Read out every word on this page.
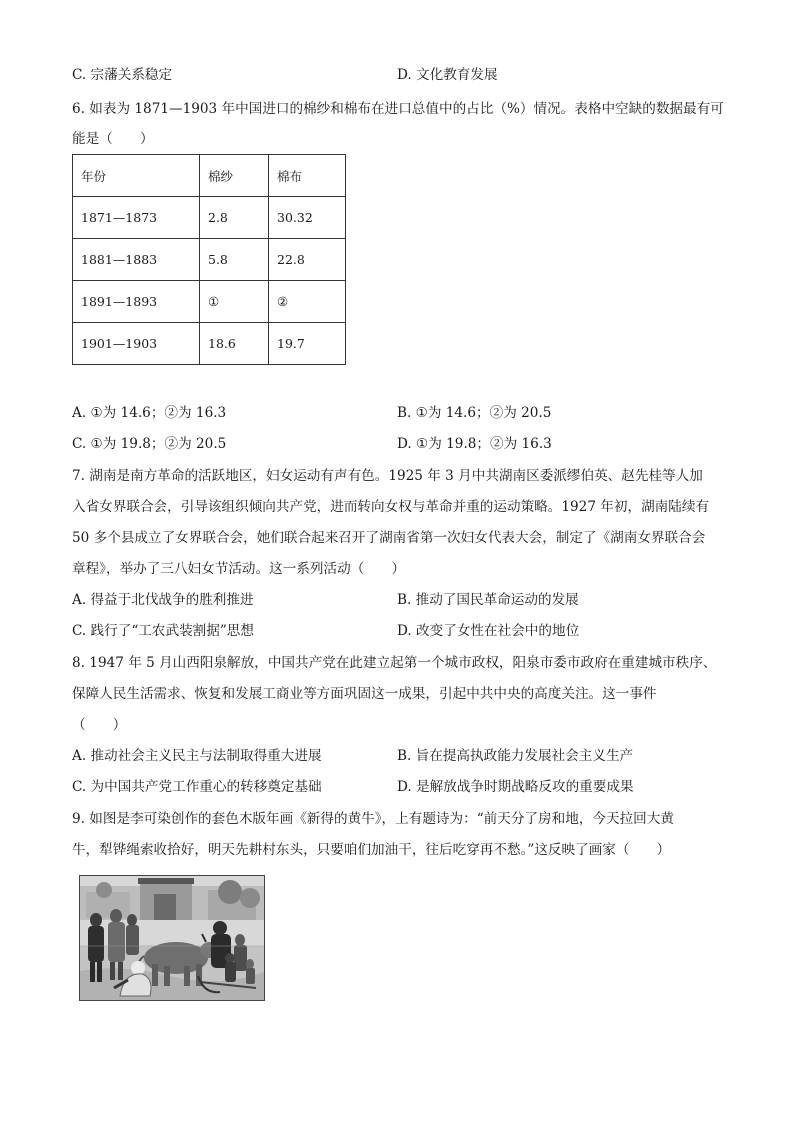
C. 宗藩关系稳定	D. 文化教育发展
6. 如表为 1871—1903 年中国进口的棉纱和棉布在进口总值中的占比（%）情况。表格中空缺的数据最有可
能是（　　）
年份	棉纱	棉布
1871—1873	2.8	30.32
1881—1883	5.8	22.8
1891—1893	①	②
1901—1903	18.6	19.7
A. ①为 14.6；②为 16.3	B. ①为 14.6；②为 20.5
C. ①为 19.8；②为 20.5	D. ①为 19.8；②为 16.3
7. 湖南是南方革命的活跃地区，妇女运动有声有色。1925 年 3 月中共湖南区委派缪伯英、赵先桂等人加
入省女界联合会，引导该组织倾向共产党，进而转向女权与革命并重的运动策略。1927 年初，湖南陆续有
50 多个县成立了女界联合会，她们联合起来召开了湖南省第一次妇女代表大会，制定了《湖南女界联合会
章程》，举办了三八妇女节活动。这一系列活动（　　）
A. 得益于北伐战争的胜利推进	B. 推动了国民革命运动的发展
C. 践行了“工农武装割据”思想	D. 改变了女性在社会中的地位
8. 1947 年 5 月山西阳泉解放，中国共产党在此建立起第一个城市政权，阳泉市委市政府在重建城市秩序、
保障人民生活需求、恢复和发展工商业等方面巩固这一成果，引起中共中央的高度关注。这一事件
（　　）
A. 推动社会主义民主与法制取得重大进展	B. 旨在提高执政能力发展社会主义生产
C. 为中国共产党工作重心的转移奠定基础	D. 是解放战争时期战略反攻的重要成果
9. 如图是李可染创作的套色木版年画《新得的黄牛》，上有题诗为：“前天分了房和地，今天拉回大黄
牛，犁铧绳索收拾好，明天先耕村东头，只要咱们加油干，往后吃穿再不愁。”这反映了画家（　　）
